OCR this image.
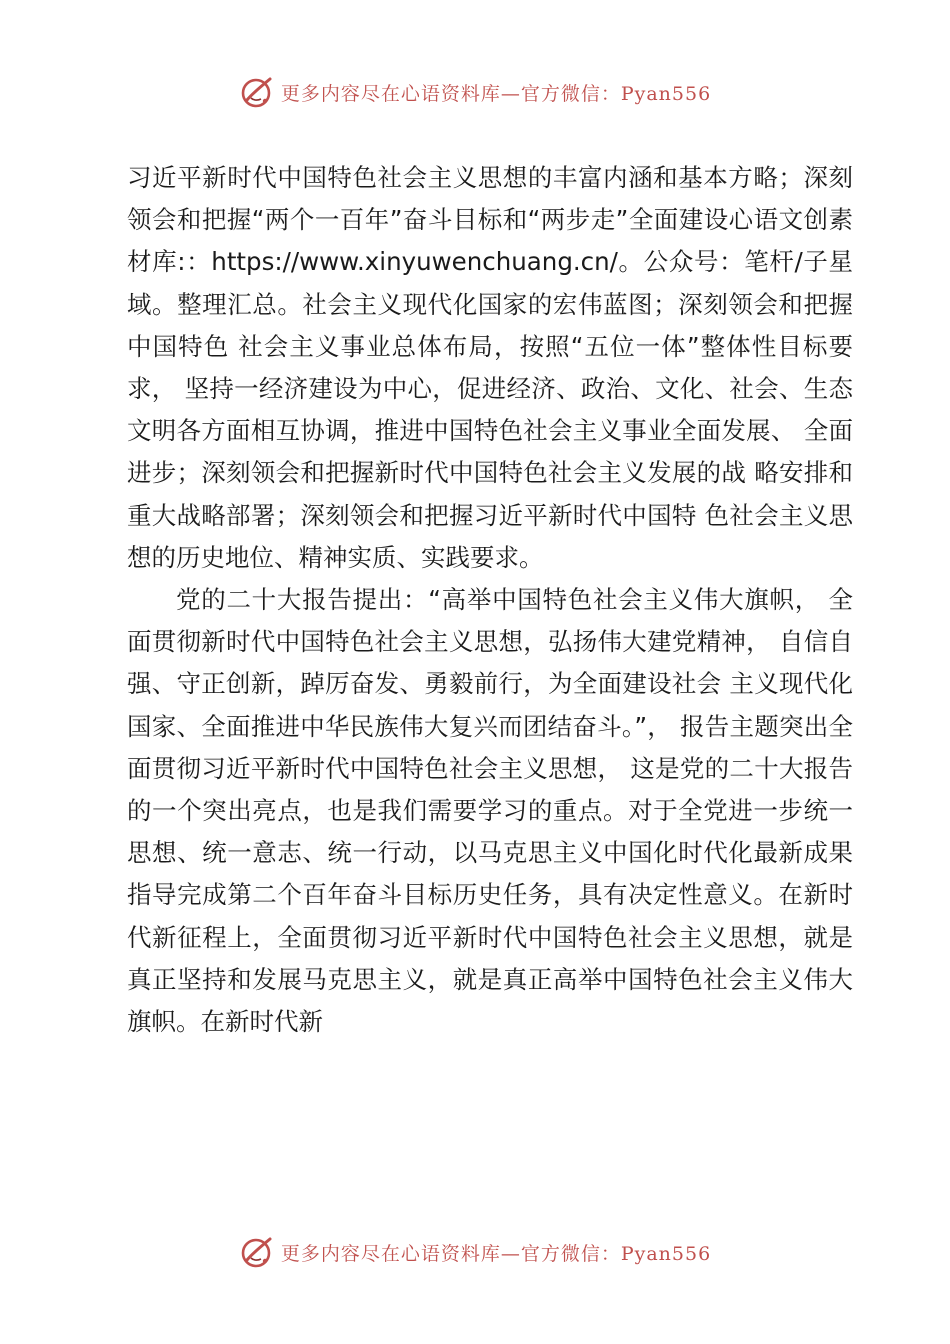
更多内容尽在心语资料库—官方微信：Pyan556

习近平新时代中国特色社会主义思想的丰富内涵和基本方略；深刻领会和把握“两个一百年”奋斗目标和“两步走”全面建设心语文创素材库:：https://www.xinyuwenchuang.cn/。公众号：笔杆/子星域。整理汇总。社会主义现代化国家的宏伟蓝图；深刻领会和把握中国特色 社会主义事业总体布局，按照“五位一体”整体性目标要求， 坚持一经济建设为中心，促进经济、政治、文化、社会、生态 文明各方面相互协调，推进中国特色社会主义事业全面发展、 全面进步；深刻领会和把握新时代中国特色社会主义发展的战 略安排和重大战略部署；深刻领会和把握习近平新时代中国特 色社会主义思想的历史地位、精神实质、实践要求。

党的二十大报告提出：“高举中国特色社会主义伟大旗帜， 全面贯彻新时代中国特色社会主义思想，弘扬伟大建党精神， 自信自强、守正创新，踔厉奋发、勇毅前行，为全面建设社会 主义现代化国家、全面推进中华民族伟大复兴而团结奋斗。”， 报告主题突出全面贯彻习近平新时代中国特色社会主义思想， 这是党的二十大报告的一个突出亮点，也是我们需要学习的重点。对于全党进一步统一思想、统一意志、统一行动，以马克思主义中国化时代化最新成果指导完成第二个百年奋斗目标历史任务，具有决定性意义。在新时代新征程上，全面贯彻习近平新时代中国特色社会主义思想，就是真正坚持和发展马克思主义，就是真正高举中国特色社会主义伟大旗帜。在新时代新

更多内容尽在心语资料库—官方微信：Pyan556
